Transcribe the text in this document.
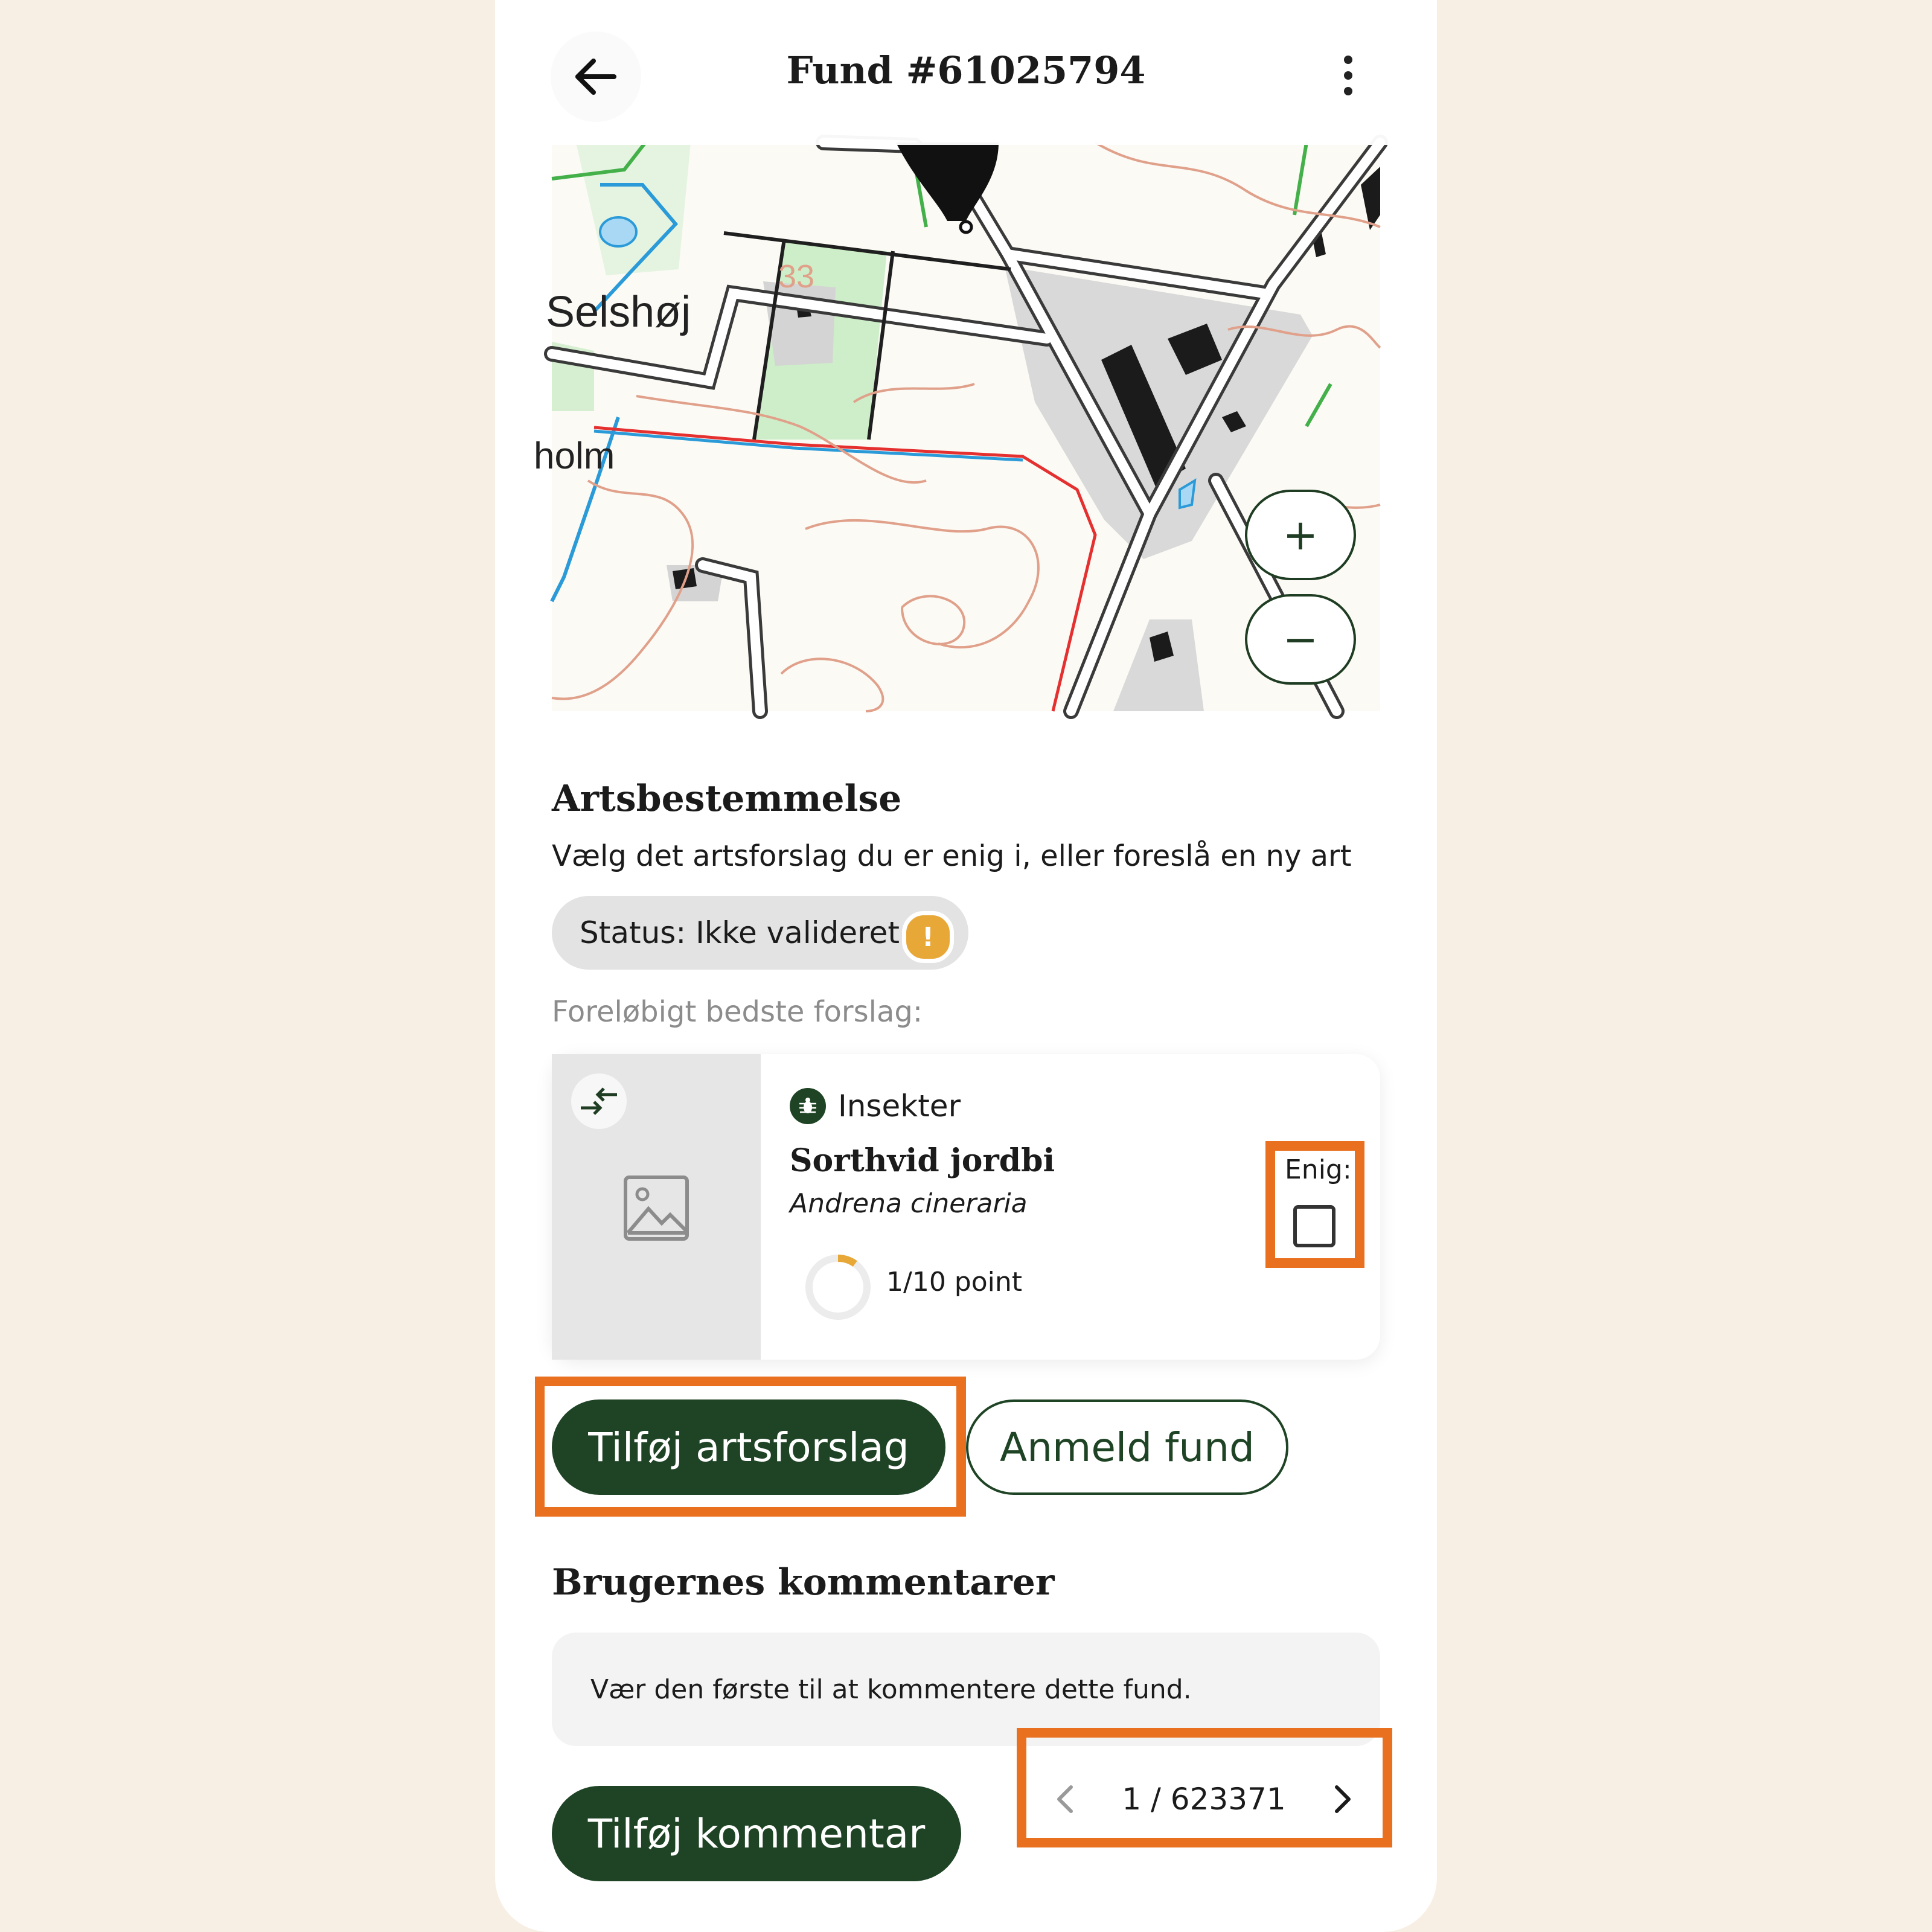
Selshøj
holm
33
+
−
Fund #61025794
Artsbestemmelse
Vælg det artsforslag du er enig i, eller foreslå en ny art
Status: Ikke valideret !
Foreløbigt bedste forslag:
Insekter
Sorthvid jordbi
Andrena cineraria
1/10 point
Enig:
Tilføj artsforslag	Anmeld fund
Brugernes kommentarer
Vær den første til at kommentere dette fund.
Tilføj kommentar
1 / 623371
